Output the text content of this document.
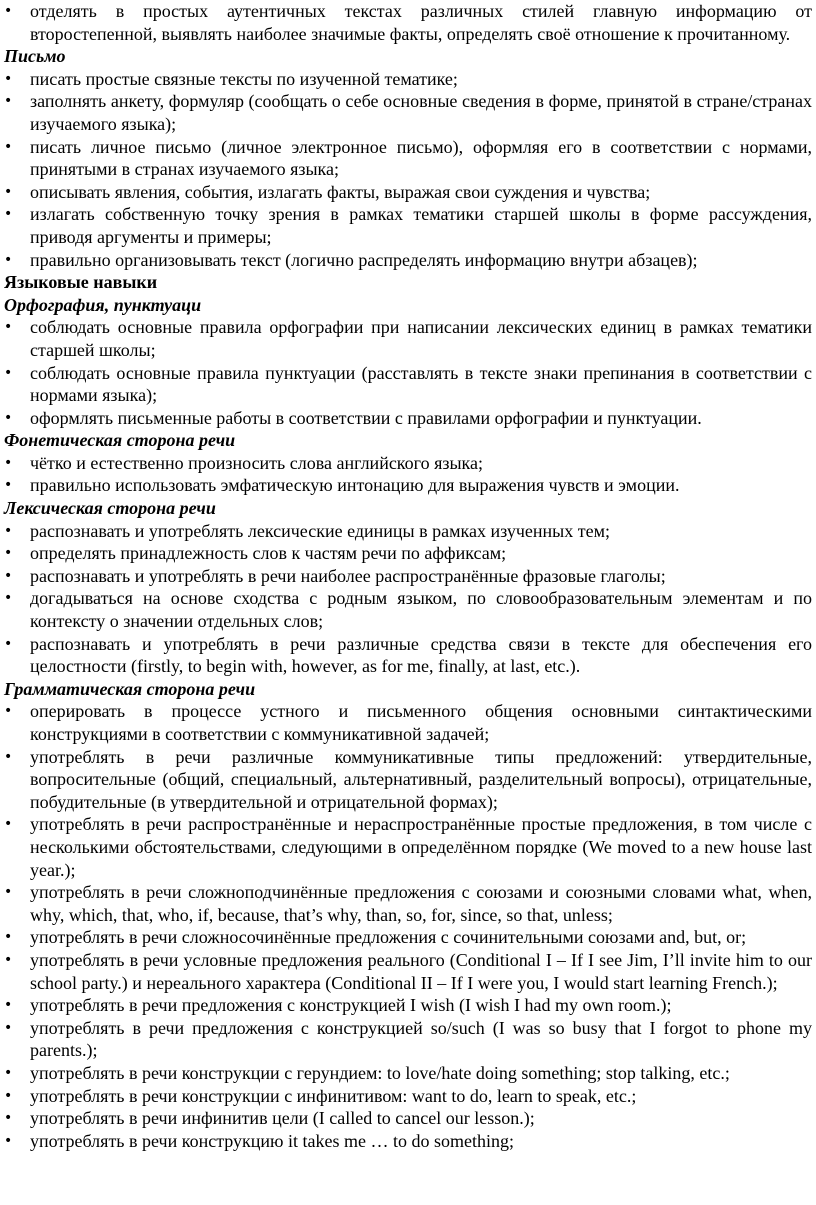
• отделять в простых аутентичных текстах различных стилей главную информацию от второстепенной, выявлять наиболее значимые факты, определять своё отношение к прочитанному.

Письмо

• писать простые связные тексты по изученной тематике;
• заполнять анкету, формуляр (сообщать о себе основные сведения в форме, принятой в стране/странах изучаемого языка);
• писать личное письмо (личное электронное письмо), оформляя его в соответствии с нормами, принятыми в странах изучаемого языка;
• описывать явления, события, излагать факты, выражая свои суждения и чувства;
• излагать собственную точку зрения в рамках тематики старшей школы в форме рассуждения, приводя аргументы и примеры;
• правильно организовывать текст (логично распределять информацию внутри абзацев);

Языковые навыки

Орфография, пунктуаци

• соблюдать основные правила орфографии при написании лексических единиц в рамках тематики старшей школы;
• соблюдать основные правила пунктуации (расставлять в тексте знаки препинания в соответствии с нормами языка);
• оформлять письменные работы в соответствии с правилами орфографии и пунктуации.

Фонетическая сторона речи

• чётко и естественно произносить слова английского языка;
• правильно использовать эмфатическую интонацию для выражения чувств и эмоции.

Лексическая сторона речи

• распознавать и употреблять лексические единицы в рамках изученных тем;
• определять принадлежность слов к частям речи по аффиксам;
• распознавать и употреблять в речи наиболее распространённые фразовые глаголы;
• догадываться на основе сходства с родным языком, по словообразовательным элементам и по контексту о значении отдельных слов;
• распознавать и употреблять в речи различные средства связи в тексте для обеспечения его целостности (firstly, to begin with, however, as for me, finally, at last, etc.).

Грамматическая сторона речи

• оперировать в процессе устного и письменного общения основными синтактическими конструкциями в соответствии с коммуникативной задачей;
• употреблять в речи различные коммуникативные типы предложений: утвердительные, вопросительные (общий, специальный, альтернативный, разделительный вопросы), отрицательные, побудительные (в утвердительной и отрицательной формах);
• употреблять в речи распространённые и нераспространённые простые предложения, в том числе с несколькими обстоятельствами, следующими в определённом порядке (We moved to a new house last year.);
• употреблять в речи сложноподчинённые предложения с союзами и союзными словами what, when, why, which, that, who, if, because, that’s why, than, so, for, since, so that, unless;
• употреблять в речи сложносочинённые предложения с сочинительными союзами and, but, or;
• употреблять в речи условные предложения реального (Conditional I – If I see Jim, I’ll invite him to our school party.) и нереального характера (Conditional II – If I were you, I would start learning French.);
• употреблять в речи предложения с конструкцией I wish (I wish I had my own room.);
• употреблять в речи предложения с конструкцией so/such (I was so busy that I forgot to phone my parents.);
• употреблять в речи конструкции с герундием: to love/hate doing something; stop talking, etc.;
• употреблять в речи конструкции с инфинитивом: want to do, learn to speak, etc.;
• употреблять в речи инфинитив цели (I called to cancel our lesson.);
• употреблять в речи конструкцию it takes me … to do something;
